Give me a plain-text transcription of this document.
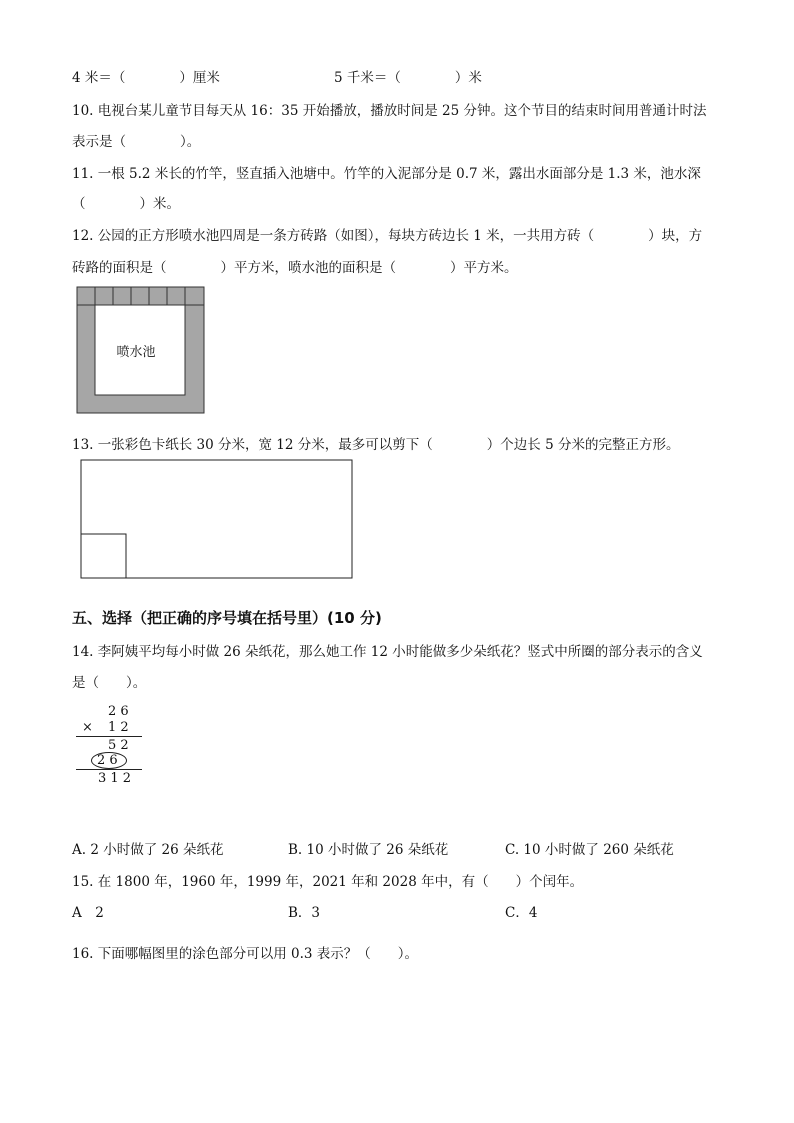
4 米＝（　　　　）厘米	5 千米＝（　　　　）米
10. 电视台某儿童节目每天从 16：35 开始播放，播放时间是 25 分钟。这个节目的结束时间用普通计时法
表示是（　　　　）。
11. 一根 5.2 米长的竹竿，竖直插入池塘中。竹竿的入泥部分是 0.7 米，露出水面部分是 1.3 米，池水深
（　　　　）米。
12. 公园的正方形喷水池四周是一条方砖路（如图），每块方砖边长 1 米，一共用方砖（　　　　）块，方
砖路的面积是（　　　　）平方米，喷水池的面积是（　　　　）平方米。
喷水池
13. 一张彩色卡纸长 30 分米，宽 12 分米，最多可以剪下（　　　　）个边长 5 分米的完整正方形。
五、选择（把正确的序号填在括号里）(10 分)
14. 李阿姨平均每小时做 26 朵纸花，那么她工作 12 小时能做多少朵纸花？竖式中所圈的部分表示的含义
是（　　）。
2 6
× 1 2
5 2
2 6
3 1 2
A. 2 小时做了 26 朵纸花	B. 10 小时做了 26 朵纸花	C. 10 小时做了 260 朵纸花
15. 在 1800 年，1960 年，1999 年，2021 年和 2028 年中，有（　　）个闰年。
A　2	B．3	C．4
16. 下面哪幅图里的涂色部分可以用 0.3 表示？（　　）。
